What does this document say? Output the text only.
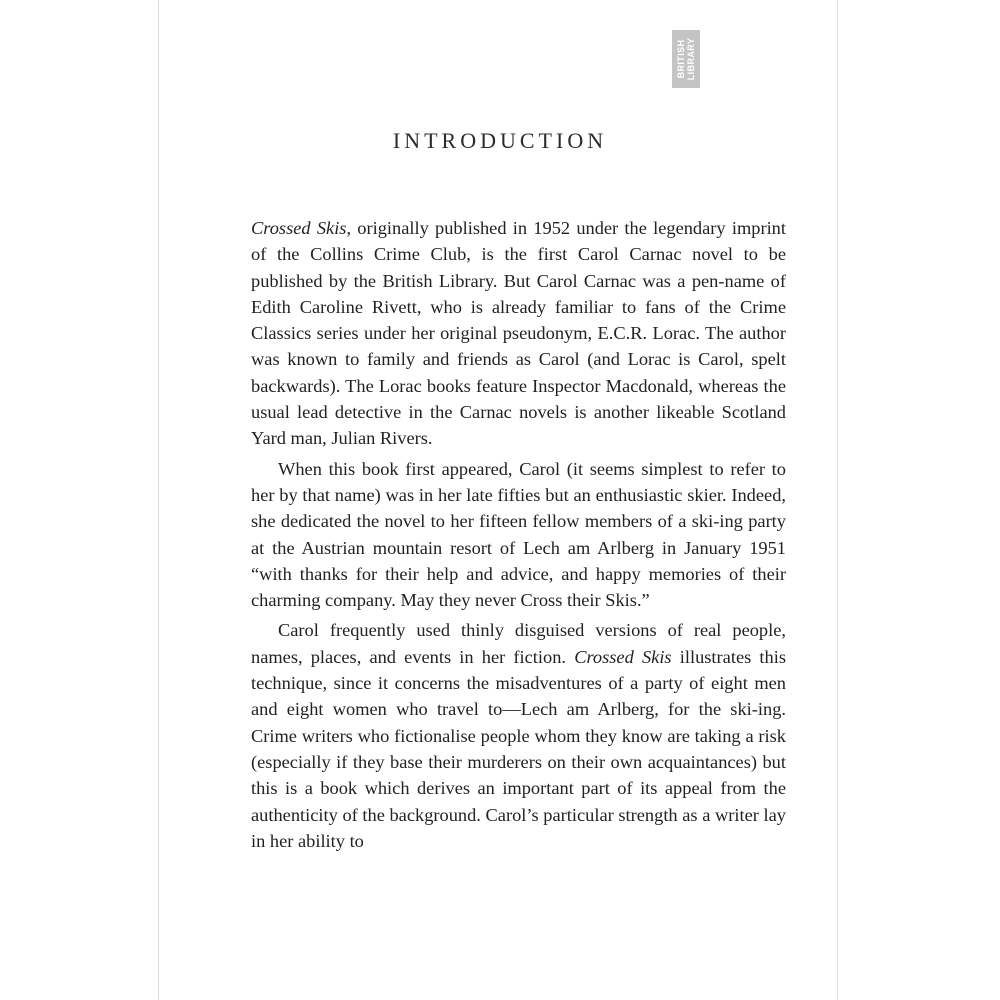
BRITISH LIBRARY
INTRODUCTION

Crossed Skis, originally published in 1952 under the legendary imprint of the Collins Crime Club, is the first Carol Carnac novel to be published by the British Library. But Carol Carnac was a pen-name of Edith Caroline Rivett, who is already familiar to fans of the Crime Classics series under her original pseudonym, E.C.R. Lorac. The author was known to family and friends as Carol (and Lorac is Carol, spelt backwards). The Lorac books feature Inspector Macdonald, whereas the usual lead detective in the Carnac novels is another likeable Scotland Yard man, Julian Rivers.

When this book first appeared, Carol (it seems simplest to refer to her by that name) was in her late fifties but an enthusiastic skier. Indeed, she dedicated the novel to her fifteen fellow members of a ski-ing party at the Austrian mountain resort of Lech am Arlberg in January 1951 “with thanks for their help and advice, and happy memories of their charming company. May they never Cross their Skis.”

Carol frequently used thinly disguised versions of real people, names, places, and events in her fiction. Crossed Skis illustrates this technique, since it concerns the misadventures of a party of eight men and eight women who travel to—Lech am Arlberg, for the ski-ing. Crime writers who fictionalise people whom they know are taking a risk (especially if they base their murderers on their own acquaintances) but this is a book which derives an important part of its appeal from the authenticity of the background. Carol’s particular strength as a writer lay in her ability to
